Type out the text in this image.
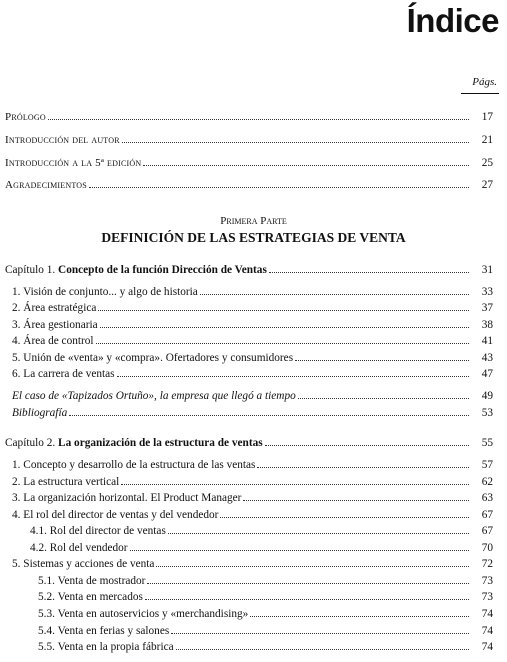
Índice
Págs.
Prólogo	17
Introducción del autor	21
Introducción a la 5ª edición	25
Agradecimientos	27
Primera Parte
DEFINICIÓN DE LAS ESTRATEGIAS DE VENTA
Capítulo 1. Concepto de la función Dirección de Ventas	31
1. Visión de conjunto... y algo de historia	33
2. Área estratégica	37
3. Área gestionaria	38
4. Área de control	41
5. Unión de «venta» y «compra». Ofertadores y consumidores	43
6. La carrera de ventas	47
El caso de «Tapizados Ortuño», la empresa que llegó a tiempo	49
Bibliografía	53
Capítulo 2. La organización de la estructura de ventas	55
1. Concepto y desarrollo de la estructura de las ventas	57
2. La estructura vertical	62
3. La organización horizontal. El Product Manager	63
4. El rol del director de ventas y del vendedor	67
4.1. Rol del director de ventas	67
4.2. Rol del vendedor	70
5. Sistemas y acciones de venta	72
5.1. Venta de mostrador	73
5.2. Venta en mercados	73
5.3. Venta en autoservicios y «merchandising»	74
5.4. Venta en ferias y salones	74
5.5. Venta en la propia fábrica	74
